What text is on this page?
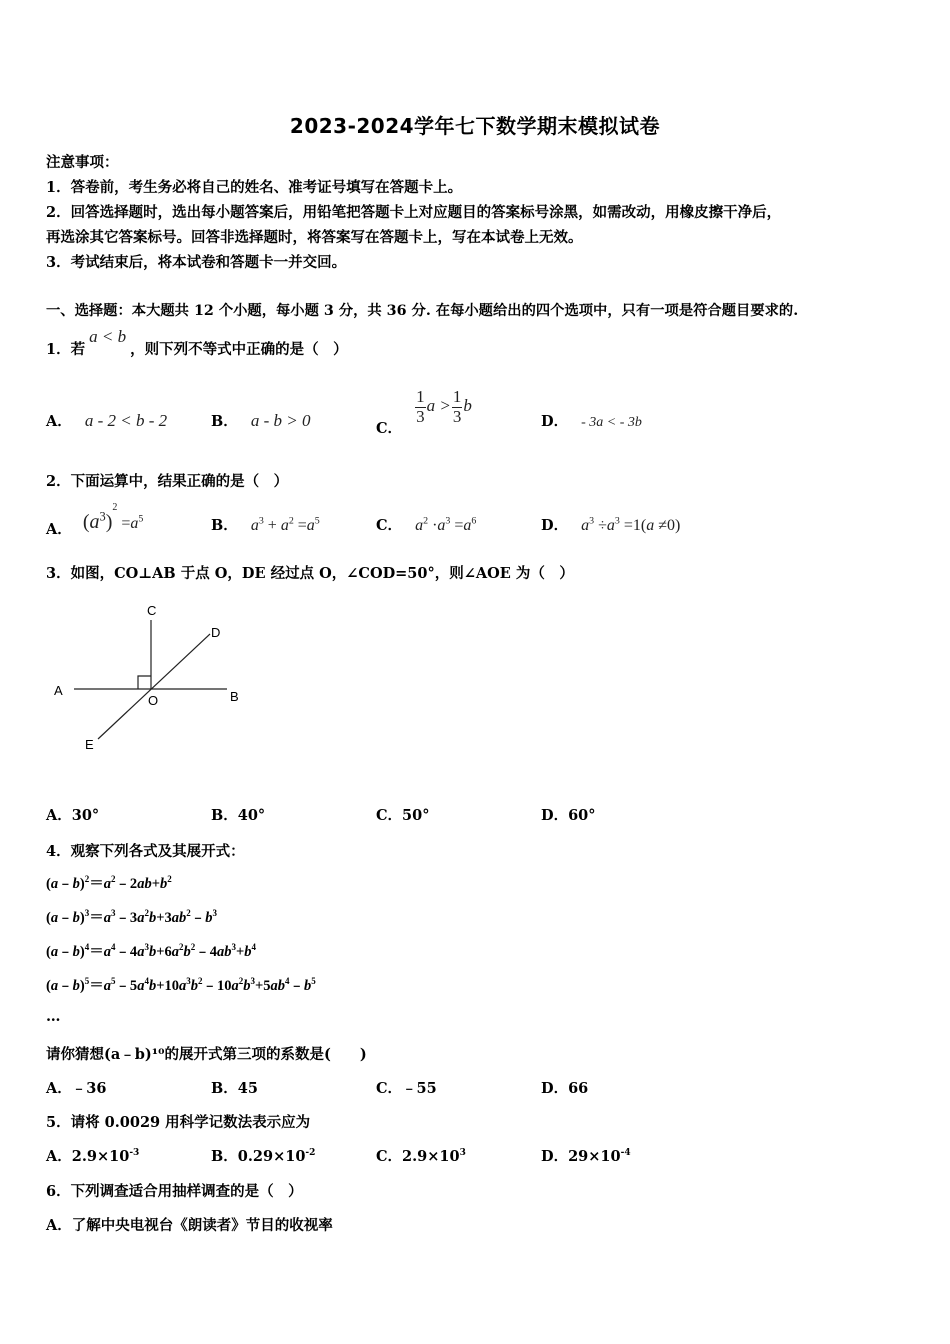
2023-2024学年七下数学期末模拟试卷
注意事项：
1．答卷前，考生务必将自己的姓名、准考证号填写在答题卡上。
2．回答选择题时，选出每小题答案后，用铅笔把答题卡上对应题目的答案标号涂黑，如需改动，用橡皮擦干净后，
再选涂其它答案标号。回答非选择题时，将答案写在答题卡上，写在本试卷上无效。
3．考试结束后，将本试卷和答题卡一并交回。
一、选择题：本大题共 12 个小题，每小题 3 分，共 36 分. 在每小题给出的四个选项中，只有一项是符合题目要求的.
1．若a < b，则下列不等式中正确的是（　）
A． a - 2 < b - 2	B． a - b > 0	C．
$\frac{1}{3}$ $a > \frac{1}{3}$ b
D． - 3a < - 3b
2．下面运算中，结果正确的是（　）
A． $(a^3)^2 =a^5$	B． $a^3 + a^2 =a^5$	C． $a^2 \cdot a^3 =a^6$	D． $a^3 \div a^3 =1(a \ne 0)$
3．如图，CO⊥AB 于点 O，DE 经过点 O，∠COD=50°，则∠AOE 为（　）
A	B
C
D
E
O
A．30°	B．40°	C．50°	D．60°
4．观察下列各式及其展开式：
$(a﹣b)^2=a^2﹣2ab+b^2$
$(a﹣b)^3=a^3﹣3a^2b+3ab^2﹣b^3$
$(a﹣b)^4=a^4﹣4a^3b+6a^2b^2﹣4ab^3+b^4$
$(a﹣b)^5=a^5﹣5a^4b+10a^3b^2﹣10a^2b^3+5ab^4﹣b^5$
…
请你猜想(a﹣b)¹⁰的展开式第三项的系数是(　　)
A．﹣36	B．45	C．﹣55	D．66
5．请将 0.0029 用科学记数法表示应为
A．$2.9\times 10^{-3}$	B．$0.29\times 10^{-2}$	C．$2.9\times 10^3$	D．$29\times 10^{-4}$
6．下列调查适合用抽样调查的是（　）
A．了解中央电视台《朗读者》节目的收视率
